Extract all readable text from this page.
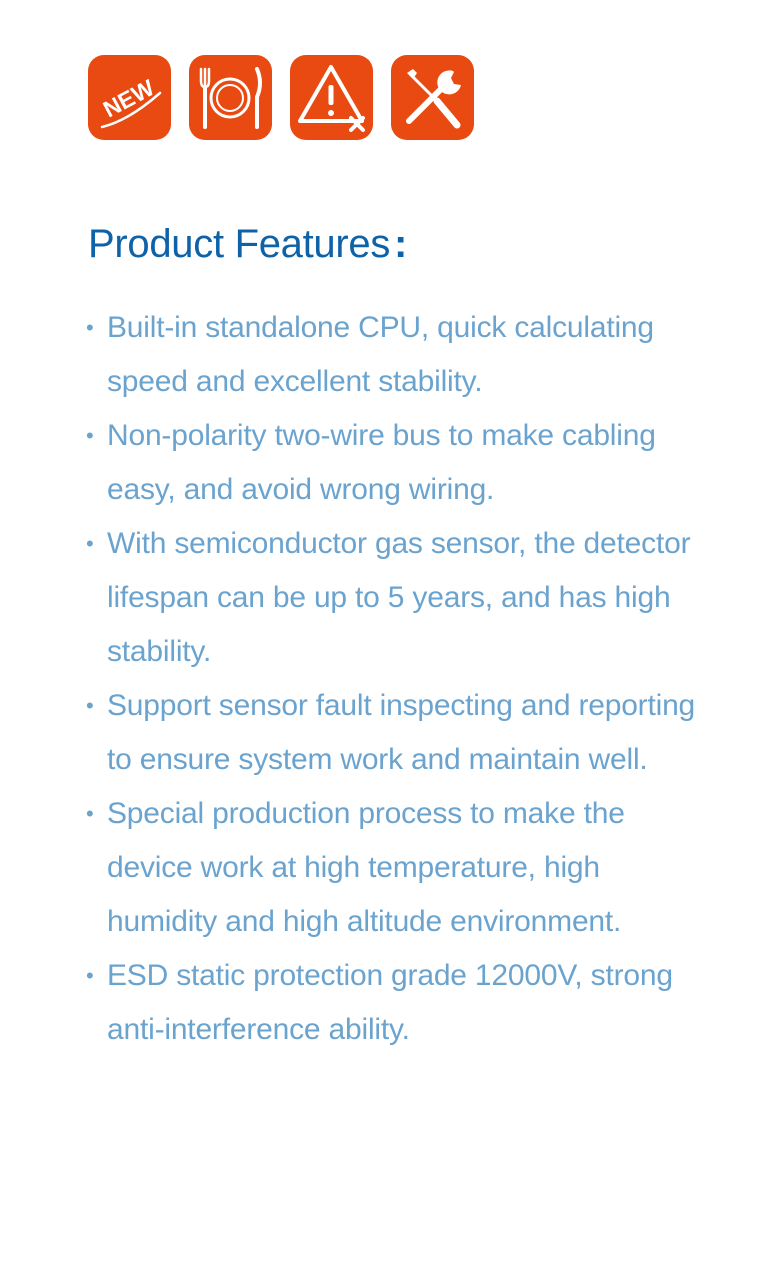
NEW
Product Features :
• Built-in standalone CPU, quick calculating speed and excellent stability.
• Non-polarity two-wire bus to make cabling easy, and avoid wrong wiring.
• With semiconductor gas sensor, the detector lifespan can be up to 5 years, and has high stability.
• Support sensor fault inspecting and reporting to ensure system work and maintain well.
• Special production process to make the device work at high temperature, high humidity and high altitude environment.
• ESD static protection grade 12000V, strong anti-interference ability.
